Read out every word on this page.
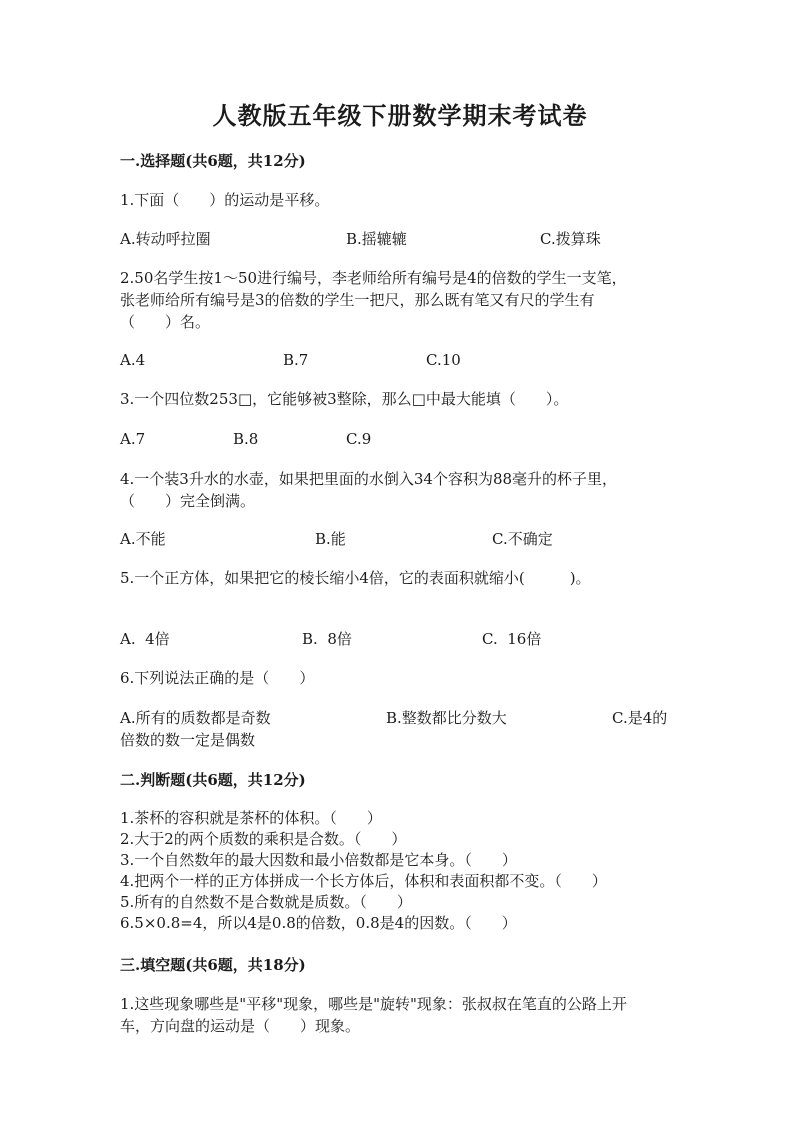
人教版五年级下册数学期末考试卷
一.选择题(共6题，共12分)
1.下面（　　）的运动是平移。
A.转动呼拉圈	B.摇辘辘	C.拨算珠
2.50名学生按1～50进行编号，李老师给所有编号是4的倍数的学生一支笔，
张老师给所有编号是3的倍数的学生一把尺，那么既有笔又有尺的学生有
（　　）名。
A.4	B.7	C.10
3.一个四位数253□，它能够被3整除，那么□中最大能填（　　）。
A.7	B.8	C.9
4.一个装3升水的水壶，如果把里面的水倒入34个容积为88毫升的杯子里，
（　　）完全倒满。
A.不能	B.能	C.不确定
5.一个正方体，如果把它的棱长缩小4倍，它的表面积就缩小(　　　)。
A.  4倍	B.  8倍	C.  16倍
6.下列说法正确的是（　　）
A.所有的质数都是奇数	B.整数都比分数大	C.是4的
倍数的数一定是偶数
二.判断题(共6题，共12分)
1.茶杯的容积就是茶杯的体积。（　　）
2.大于2的两个质数的乘积是合数。（　　）
3.一个自然数年的最大因数和最小倍数都是它本身。（　　）
4.把两个一样的正方体拼成一个长方体后，体积和表面积都不变。（　　）
5.所有的自然数不是合数就是质数。（　　）
6.5×0.8=4，所以4是0.8的倍数，0.8是4的因数。（　　）
三.填空题(共6题，共18分)
1.这些现象哪些是"平移"现象，哪些是"旋转"现象：张叔叔在笔直的公路上开
车，方向盘的运动是（　　）现象。
